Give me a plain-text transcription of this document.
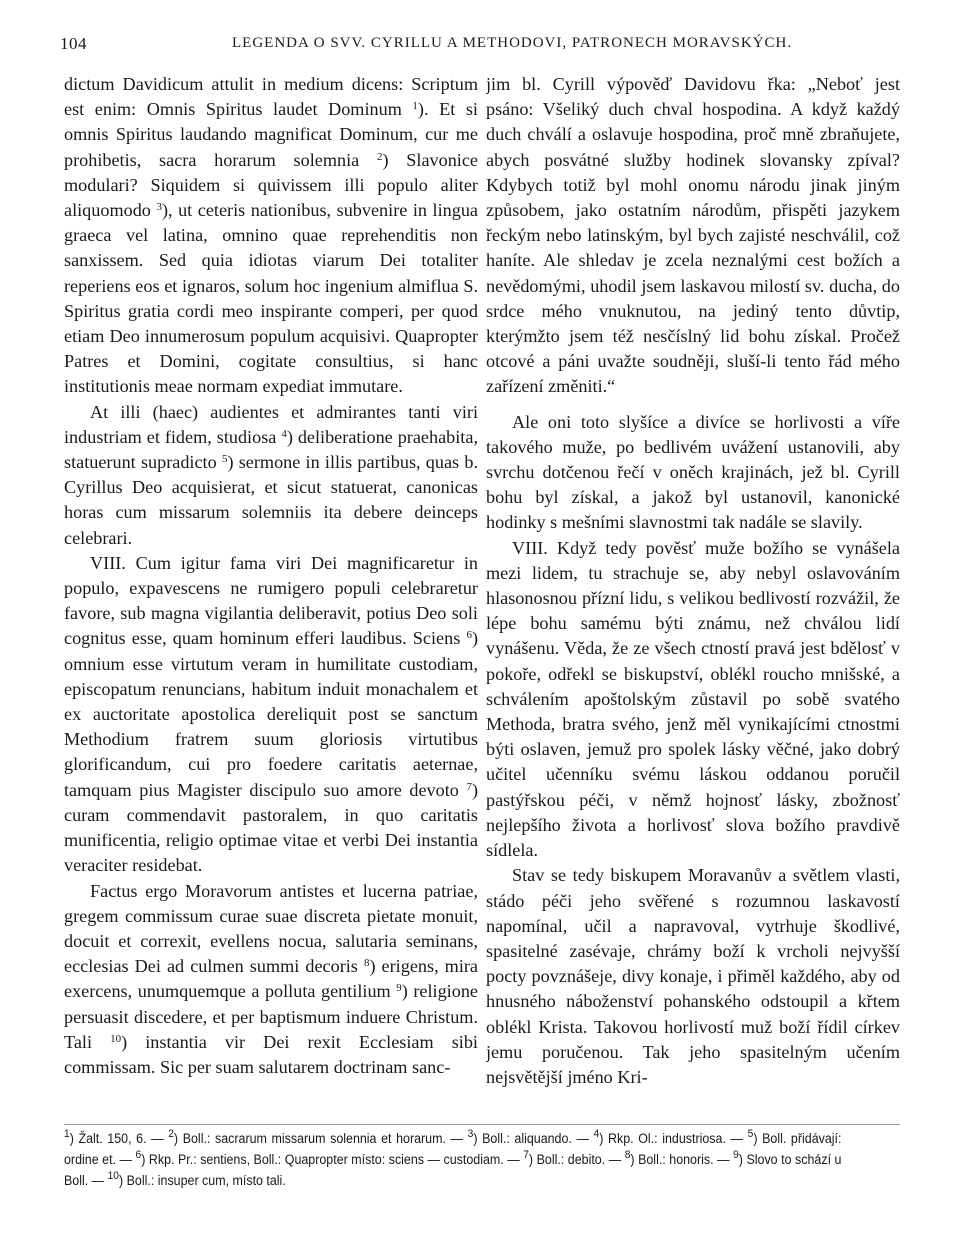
104	LEGENDA O SVV. CYRILLU A METHODOVI, PATRONECH MORAVSKÝCH.

dictum Davidicum attulit in medium dicens: Scriptum est enim: Omnis Spiritus laudet Dominum $^1$). Et si omnis Spiritus laudando magnificat Dominum, cur me prohibetis, sacra horarum solemnia $^2$) Slavonice modulari? Siquidem si quivissem illi populo aliter aliquomodo $^3$), ut ceteris nationibus, subvenire in lingua graeca vel latina, omnino quae reprehenditis non sanxissem. Sed quia idiotas viarum Dei totaliter reperiens eos et ignaros, solum hoc ingenium almiflua S. Spiritus gratia cordi meo inspirante comperi, per quod etiam Deo innumerosum populum acquisivi. Quapropter Patres et Domini, cogitate consultius, si hanc institutionis meae normam expediat immutare.

At illi (haec) audientes et admirantes tanti viri industriam et fidem, studiosa $^4$) deliberatione praehabita, statuerunt supradicto $^5$) sermone in illis partibus, quas b. Cyrillus Deo acquisierat, et sicut statuerat, canonicas horas cum missarum solemniis ita debere deinceps celebrari.

VIII. Cum igitur fama viri Dei magnificaretur in populo, expavescens ne rumigero populi celebraretur favore, sub magna vigilantia deliberavit, potius Deo soli cognitus esse, quam hominum efferi laudibus. Sciens $^6$) omnium esse virtutum veram in humilitate custodiam, episcopatum renuncians, habitum induit monachalem et ex auctoritate apostolica dereliquit post se sanctum Methodium fratrem suum gloriosis virtutibus glorificandum, cui pro foedere caritatis aeternae, tamquam pius Magister discipulo suo amore devoto $^7$) curam commendavit pastoralem, in quo caritatis munificentia, religio optimae vitae et verbi Dei instantia veraciter residebat.

Factus ergo Moravorum antistes et lucerna patriae, gregem commissum curae suae discreta pietate monuit, docuit et correxit, evellens nocua, salutaria seminans, ecclesias Dei ad culmen summi decoris $^8$) erigens, mira exercens, unumquemque a polluta gentilium $^9$) religione persuasit discedere, et per baptismum induere Christum. Tali $^{10}$) instantia vir Dei rexit Ecclesiam sibi commissam. Sic per suam salutarem doctrinam sanc-

jim bl. Cyrill výpověď Davidovu řka: „Neboť jest psáno: Všeliký duch chval hospodina. A když každý duch chválí a oslavuje hospodina, proč mně zbraňujete, abych posvátné služby hodinek slovansky zpíval? Kdybych totiž byl mohl onomu národu jinak jiným způsobem, jako ostatním národům, přispěti jazykem řeckým nebo latinským, byl bych zajisté neschválil, což haníte. Ale shledav je zcela neznalými cest božích a nevědomými, uhodil jsem laskavou milostí sv. ducha, do srdce mého vnuknutou, na jediný tento důvtip, kterýmžto jsem též nesčíslný lid bohu získal. Pročež otcové a páni uvažte soudněji, sluší-li tento řád mého zařízení změniti.“

Ale oni toto slyšíce a divíce se horlivosti a víře takového muže, po bedlivém uvážení ustanovili, aby svrchu dotčenou řečí v oněch krajinách, jež bl. Cyrill bohu byl získal, a jakož byl ustanovil, kanonické hodinky s mešními slavnostmi tak nadále se slavily.

VIII. Když tedy pověsť muže božího se vynášela mezi lidem, tu strachuje se, aby nebyl oslavováním hlasonosnou přízní lidu, s velikou bedlivostí rozvážil, že lépe bohu samému býti známu, než chválou lidí vynášenu. Věda, že ze všech ctností pravá jest bdělosť v pokoře, odřekl se biskupství, oblékl roucho mnišské, a schválením apoštolským zůstavil po sobě svatého Methoda, bratra svého, jenž měl vynikajícími ctnostmi býti oslaven, jemuž pro spolek lásky věčné, jako dobrý učitel učenníku svému láskou oddanou poručil pastýřskou péči, v němž hojnosť lásky, zbožnosť nejlepšího života a horlivosť slova božího pravdivě sídlela.

Stav se tedy biskupem Moravanův a světlem vlasti, stádo péči jeho svěřené s rozumnou laskavostí napomínal, učil a napravoval, vytrhuje škodlivé, spasitelné zasévaje, chrámy boží k vrcholi nejvyšší pocty povznášeje, divy konaje, i přiměl každého, aby od hnusného náboženství pohanského odstoupil a křtem oblékl Krista. Takovou horlivostí muž boží řídil církev jemu poručenou. Tak jeho spasitelným učením nejsvětější jméno Kri-

$^1$) Žalt. 150, 6. — $^2$) Boll.: sacrarum missarum solennia et horarum. — $^3$) Boll.: aliquando. — $^4$) Rkp. Ol.: industriosa. — $^5$) Boll. přidávají: ordine et. — $^6$) Rkp. Pr.: sentiens, Boll.: Quapropter místo: sciens — custodiam. — $^7$) Boll.: debito. — $^8$) Boll.: honoris. — $^9$) Slovo to schází u Boll. — $^{10}$) Boll.: insuper cum, místo tali.
